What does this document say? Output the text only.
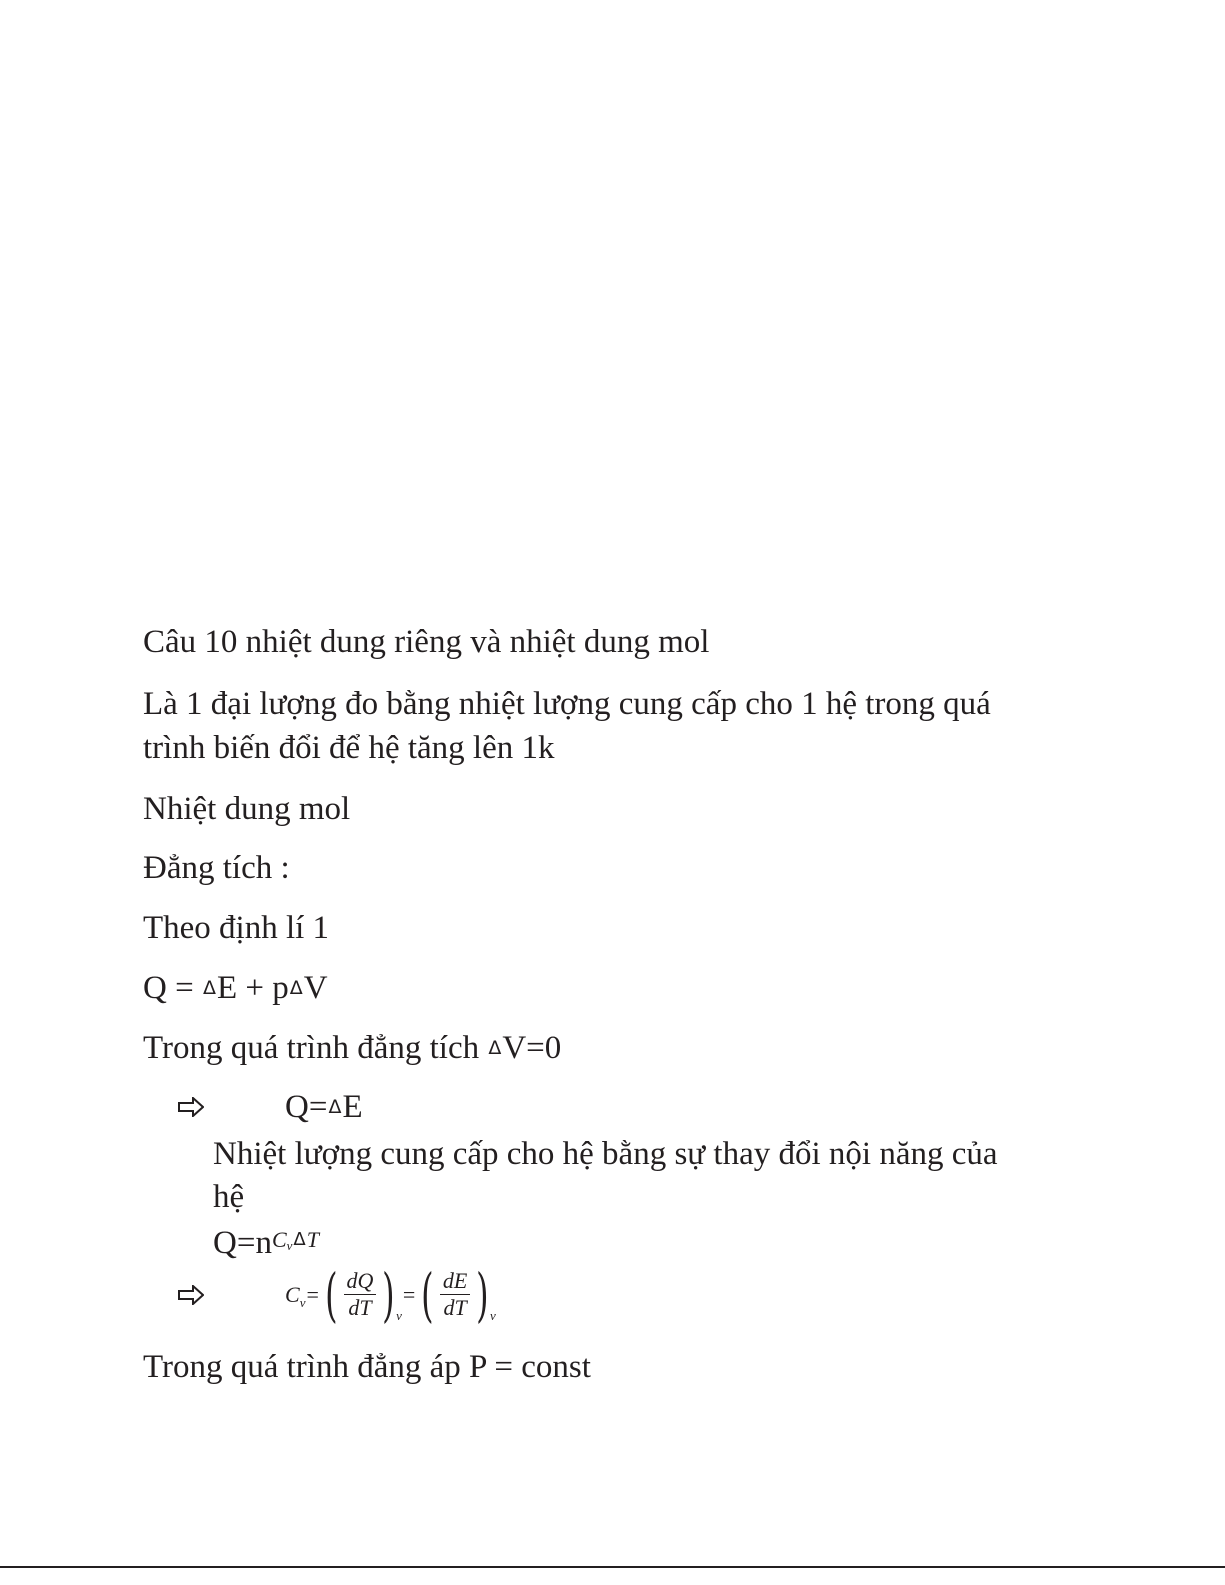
Câu 10 nhiệt dung riêng và nhiệt dung mol
Là 1 đại lượng đo bằng nhiệt lượng cung cấp cho 1 hệ trong quá
trình biến đổi để hệ tăng lên 1k
Nhiệt dung mol
Đẳng tích :
Theo định lí 1
Q = ΔE + pΔV
Trong quá trình đẳng tích ΔV=0
Q=ΔE
Nhiệt lượng cung cấp cho hệ bằng sự thay đổi nội năng của
hệ
$Q=nC_v^\Delta T$
C v = ( $\frac{dQ}{dT}$ ) v
= ( $\frac{dE}{dT}$ ) v
Trong quá trình đẳng áp P = const
